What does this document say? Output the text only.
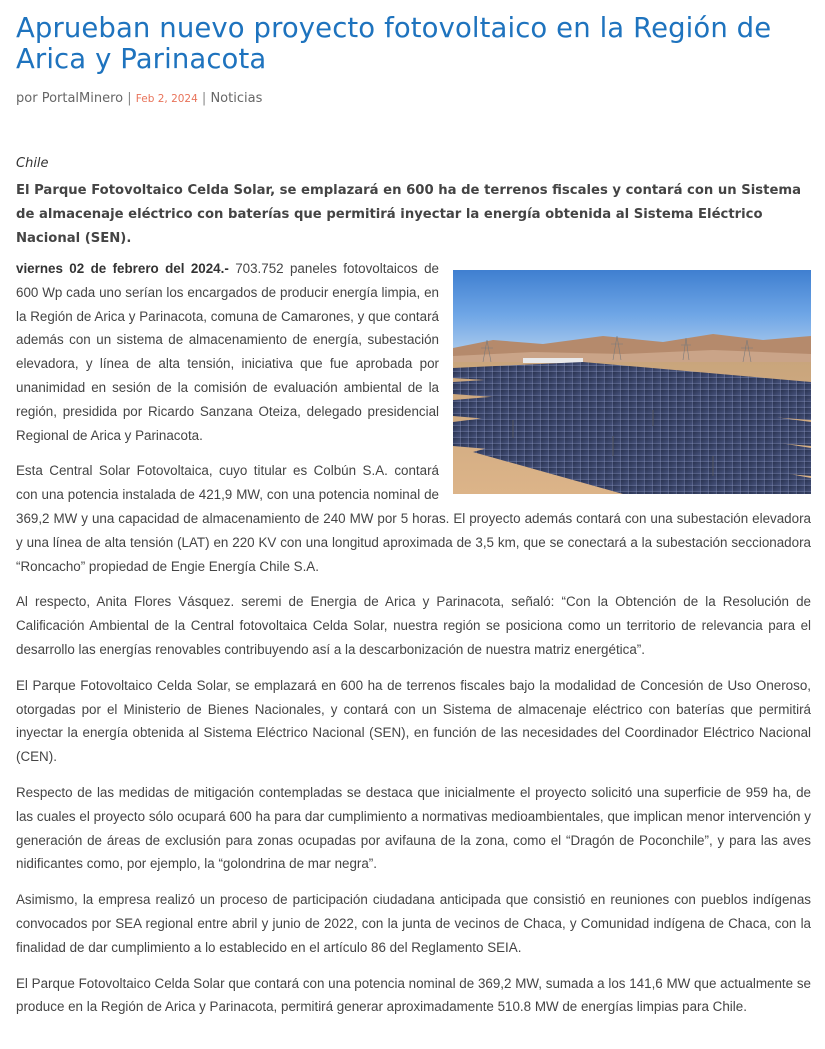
Aprueban nuevo proyecto fotovoltaico en la Región de Arica y Parinacota
por PortalMinero | Feb 2, 2024 | Noticias
Chile
El Parque Fotovoltaico Celda Solar, se emplazará en 600 ha de terrenos fiscales y contará con un Sistema de almacenaje eléctrico con baterías que permitirá inyectar la energía obtenida al Sistema Eléctrico Nacional (SEN).

viernes 02 de febrero del 2024.- 703.752 paneles fotovoltaicos de 600 Wp cada uno serían los encargados de producir energía limpia, en la Región de Arica y Parinacota, comuna de Camarones, y que contará además con un sistema de almacenamiento de energía, subestación elevadora, y línea de alta tensión, iniciativa que fue aprobada por unanimidad en sesión de la comisión de evaluación ambiental de la región, presidida por Ricardo Sanzana Oteiza, delegado presidencial Regional de Arica y Parinacota.

Esta Central Solar Fotovoltaica, cuyo titular es Colbún S.A. contará con una potencia instalada de 421,9 MW, con una potencia nominal de 369,2 MW y una capacidad de almacenamiento de 240 MW por 5 horas. El proyecto además contará con una subestación elevadora y una línea de alta tensión (LAT) en 220 KV con una longitud aproximada de 3,5 km, que se conectará a la subestación seccionadora “Roncacho” propiedad de Engie Energía Chile S.A.

Al respecto, Anita Flores Vásquez. seremi de Energia de Arica y Parinacota, señaló: “Con la Obtención de la Resolución de Calificación Ambiental de la Central fotovoltaica Celda Solar, nuestra región se posiciona como un territorio de relevancia para el desarrollo las energías renovables contribuyendo así a la descarbonización de nuestra matriz energética”.

El Parque Fotovoltaico Celda Solar, se emplazará en 600 ha de terrenos fiscales bajo la modalidad de Concesión de Uso Oneroso, otorgadas por el Ministerio de Bienes Nacionales, y contará con un Sistema de almacenaje eléctrico con baterías que permitirá inyectar la energía obtenida al Sistema Eléctrico Nacional (SEN), en función de las necesidades del Coordinador Eléctrico Nacional (CEN).

Respecto de las medidas de mitigación contempladas se destaca que inicialmente el proyecto solicitó una superficie de 959 ha, de las cuales el proyecto sólo ocupará 600 ha para dar cumplimiento a normativas medioambientales, que implican menor intervención y generación de áreas de exclusión para zonas ocupadas por avifauna de la zona, como el “Dragón de Poconchile”, y para las aves nidificantes como, por ejemplo, la “golondrina de mar negra”.

Asimismo, la empresa realizó un proceso de participación ciudadana anticipada que consistió en reuniones con pueblos indígenas convocados por SEA regional entre abril y junio de 2022, con la junta de vecinos de Chaca, y Comunidad indígena de Chaca, con la finalidad de dar cumplimiento a lo establecido en el artículo 86 del Reglamento SEIA.

El Parque Fotovoltaico Celda Solar que contará con una potencia nominal de 369,2 MW, sumada a los 141,6 MW que actualmente se produce en la Región de Arica y Parinacota, permitirá generar aproximadamente 510.8 MW de energías limpias para Chile.
